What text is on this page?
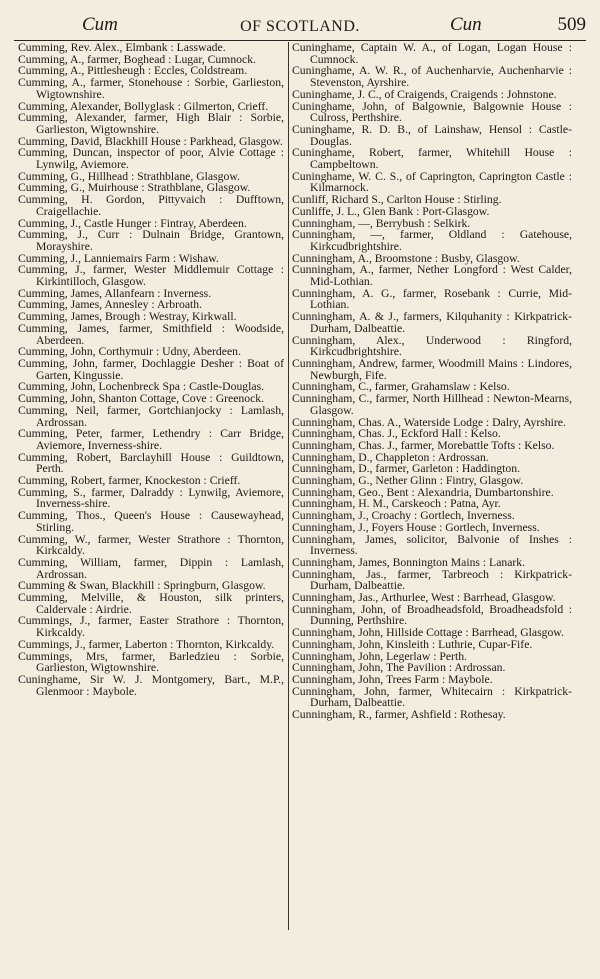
Cum	OF SCOTLAND.	Cun	509

Cumming, Rev. Alex., Elmbank : Lasswade.

Cumming, A., farmer, Boghead : Lugar, Cumnock.

Cumming, A., Pittlesheugh : Eccles, Coldstream.

Cumming, A., farmer, Stonehouse : Sorbie, Garlieston, Wigtownshire.

Cumming, Alexander, Bollyglask : Gilmerton, Crieff.

Cumming, Alexander, farmer, High Blair : Sorbie, Garlieston, Wigtownshire.

Cumming, David, Blackhill House : Parkhead, Glasgow.

Cumming, Duncan, inspector of poor, Alvie Cottage : Lynwilg, Aviemore.

Cumming, G., Hillhead : Strathblane, Glasgow.

Cumming, G., Muirhouse : Strathblane, Glasgow.

Cumming, H. Gordon, Pittyvaich : Dufftown, Craigellachie.

Cumming, J., Castle Hunger : Fintray, Aberdeen.

Cumming, J., Curr : Dulnain Bridge, Grantown, Morayshire.

Cumming, J., Lanniemairs Farm : Wishaw.

Cumming, J., farmer, Wester Middlemuir Cottage : Kirkintilloch, Glasgow.

Cumming, James, Allanfearn : Inverness.

Cumming, James, Annesley : Arbroath.

Cumming, James, Brough : Westray, Kirkwall.

Cumming, James, farmer, Smithfield : Woodside, Aberdeen.

Cumming, John, Corthymuir : Udny, Aberdeen.

Cumming, John, farmer, Dochlaggie Desher : Boat of Garten, Kingussie.

Cumming, John, Lochenbreck Spa : Castle-Douglas.

Cumming, John, Shanton Cottage, Cove : Greenock.

Cumming, Neil, farmer, Gortchianjocky : Lamlash, Ardrossan.

Cumming, Peter, farmer, Lethendry : Carr Bridge, Aviemore, Inverness-shire.

Cumming, Robert, Barclayhill House : Guildtown, Perth.

Cumming, Robert, farmer, Knockeston : Crieff.

Cumming, S., farmer, Dalraddy : Lynwilg, Aviemore, Inverness-shire.

Cumming, Thos., Queen's House : Causewayhead, Stirling.

Cumming, W., farmer, Wester Strathore : Thornton, Kirkcaldy.

Cumming, William, farmer, Dippin : Lamlash, Ardrossan.

Cumming & Swan, Blackhill : Springburn, Glasgow.

Cumming, Melville, & Houston, silk printers, Caldervale : Airdrie.

Cummings, J., farmer, Easter Strathore : Thornton, Kirkcaldy.

Cummings, J., farmer, Laberton : Thornton, Kirkcaldy.

Cummings, Mrs, farmer, Barledzieu : Sorbie, Garlieston, Wigtownshire.

Cuninghame, Sir W. J. Montgomery, Bart., M.P., Glenmoor : Maybole.

Cuninghame, Captain W. A., of Logan, Logan House : Cumnock.

Cuninghame, A. W. R., of Auchenharvie, Auchenharvie : Stevenston, Ayrshire.

Cuninghame, J. C., of Craigends, Craigends : Johnstone.

Cuninghame, John, of Balgownie, Balgownie House : Culross, Perthshire.

Cuninghame, R. D. B., of Lainshaw, Hensol : Castle-Douglas.

Cuninghame, Robert, farmer, Whitehill House : Campbeltown.

Cuninghame, W. C. S., of Caprington, Caprington Castle : Kilmarnock.

Cunliff, Richard S., Carlton House : Stirling.

Cunliffe, J. L., Glen Bank : Port-Glasgow.

Cunningham, —, Berrybush : Selkirk.

Cunningham, —, farmer, Oldland : Gatehouse, Kirkcudbrightshire.

Cunningham, A., Broomstone : Busby, Glasgow.

Cunningham, A., farmer, Nether Longford : West Calder, Mid-Lothian.

Cunningham, A. G., farmer, Rosebank : Currie, Mid-Lothian.

Cunningham, A. & J., farmers, Kilquhanity : Kirkpatrick-Durham, Dalbeattie.

Cunningham, Alex., Underwood : Ringford, Kirkcudbrightshire.

Cunningham, Andrew, farmer, Woodmill Mains : Lindores, Newburgh, Fife.

Cunningham, C., farmer, Grahamslaw : Kelso.

Cunningham, C., farmer, North Hillhead : Newton-Mearns, Glasgow.

Cunningham, Chas. A., Waterside Lodge : Dalry, Ayrshire.

Cunningham, Chas. J., Eckford Hall : Kelso.

Cunningham, Chas. J., farmer, Morebattle Tofts : Kelso.

Cunningham, D., Chappleton : Ardrossan.

Cunningham, D., farmer, Garleton : Haddington.

Cunningham, G., Nether Glinn : Fintry, Glasgow.

Cunningham, Geo., Bent : Alexandria, Dumbartonshire.

Cunningham, H. M., Carskeoch : Patna, Ayr.

Cunningham, J., Croachy : Gortlech, Inverness.

Cunningham, J., Foyers House : Gortlech, Inverness.

Cunningham, James, solicitor, Balvonie of Inshes : Inverness.

Cunningham, James, Bonnington Mains : Lanark.

Cunningham, Jas., farmer, Tarbreoch : Kirkpatrick-Durham, Dalbeattie.

Cunningham, Jas., Arthurlee, West : Barrhead, Glasgow.

Cunningham, John, of Broadheadsfold, Broadheadsfold : Dunning, Perthshire.

Cunningham, John, Hillside Cottage : Barrhead, Glasgow.

Cunningham, John, Kinsleith : Luthrie, Cupar-Fife.

Cunningham, John, Legerlaw : Perth.

Cunningham, John, The Pavilion : Ardrossan.

Cunningham, John, Trees Farm : Maybole.

Cunningham, John, farmer, Whitecairn : Kirkpatrick-Durham, Dalbeattie.

Cunningham, R., farmer, Ashfield : Rothesay.
